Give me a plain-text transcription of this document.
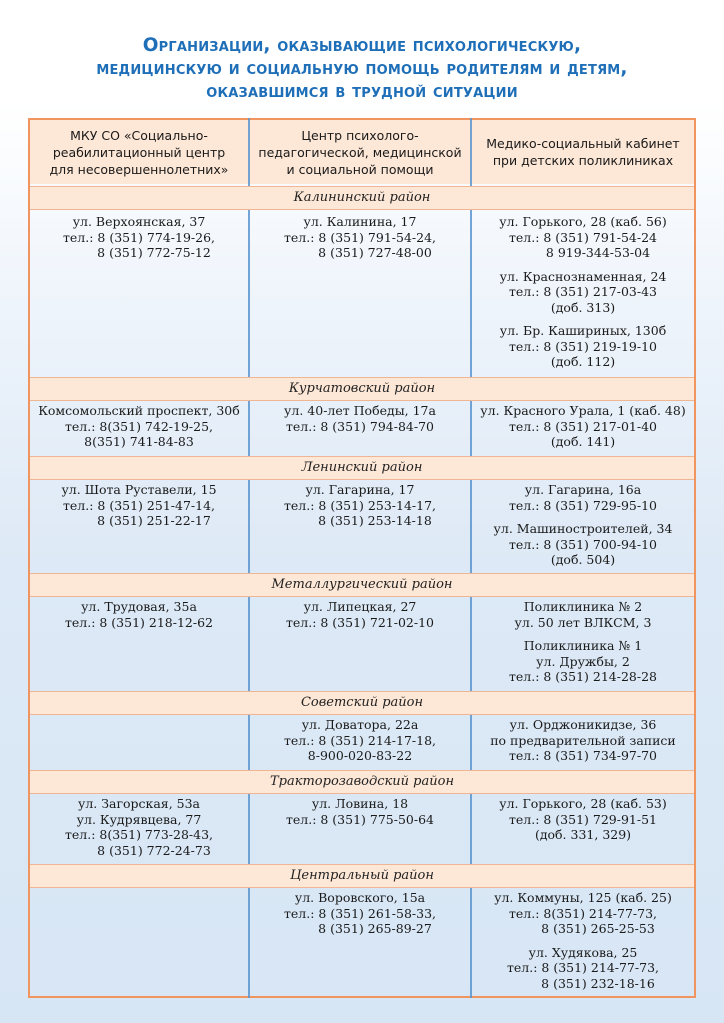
Организации, оказывающие психологическую,
медицинскую и социальную помощь родителям и детям,
оказавшимся в трудной ситуации
МКУ СО «Социально-
реабилитационный центр
для несовершеннолетних»
Центр психолого-
педагогической, медицинской
и социальной помощи
Медико-социальный кабинет
при детских поликлиниках
Калининский район
Курчатовский район
Ленинский район
Металлургический район
Советский район
Тракторозаводский район
Центральный район
ул. Верхоянская, 37
тел.: 8 (351) 774-19-26,
8 (351) 772-75-12
ул. Калинина, 17
тел.: 8 (351) 791-54-24,
8 (351) 727-48-00
ул. Горького, 28 (каб. 56)
тел.: 8 (351) 791-54-24
8 919-344-53-04
ул. Краснознаменная, 24
тел.: 8 (351) 217-03-43
(доб. 313)
ул. Бр. Кашириных, 130б
тел.: 8 (351) 219-19-10
(доб. 112)
Комсомольский проспект, 30б
тел.: 8(351) 742-19-25,
8(351) 741-84-83
ул. 40-лет Победы, 17а
тел.: 8 (351) 794-84-70
ул. Красного Урала, 1 (каб. 48)
тел.: 8 (351) 217-01-40
(доб. 141)
ул. Шота Руставели, 15
тел.: 8 (351) 251-47-14,
8 (351) 251-22-17
ул. Гагарина, 17
тел.: 8 (351) 253-14-17,
8 (351) 253-14-18
ул. Гагарина, 16а
тел.: 8 (351) 729-95-10
ул. Машиностроителей, 34
тел.: 8 (351) 700-94-10
(доб. 504)
ул. Трудовая, 35а
тел.: 8 (351) 218-12-62
ул. Липецкая, 27
тел.: 8 (351) 721-02-10
Поликлиника № 2
ул. 50 лет ВЛКСМ, 3
Поликлиника № 1
ул. Дружбы, 2
тел.: 8 (351) 214-28-28
ул. Доватора, 22а
тел.: 8 (351) 214-17-18,
8-900-020-83-22
ул. Орджоникидзе, 36
по предварительной записи
тел.: 8 (351) 734-97-70
ул. Загорская, 53а
ул. Кудрявцева, 77
тел.: 8(351) 773-28-43,
8 (351) 772-24-73
ул. Ловина, 18
тел.: 8 (351) 775-50-64
ул. Горького, 28 (каб. 53)
тел.: 8 (351) 729-91-51
(доб. 331, 329)
ул. Воровского, 15а
тел.: 8 (351) 261-58-33,
8 (351) 265-89-27
ул. Коммуны, 125 (каб. 25)
тел.: 8(351) 214-77-73,
8 (351) 265-25-53
ул. Худякова, 25
тел.: 8 (351) 214-77-73,
8 (351) 232-18-16
